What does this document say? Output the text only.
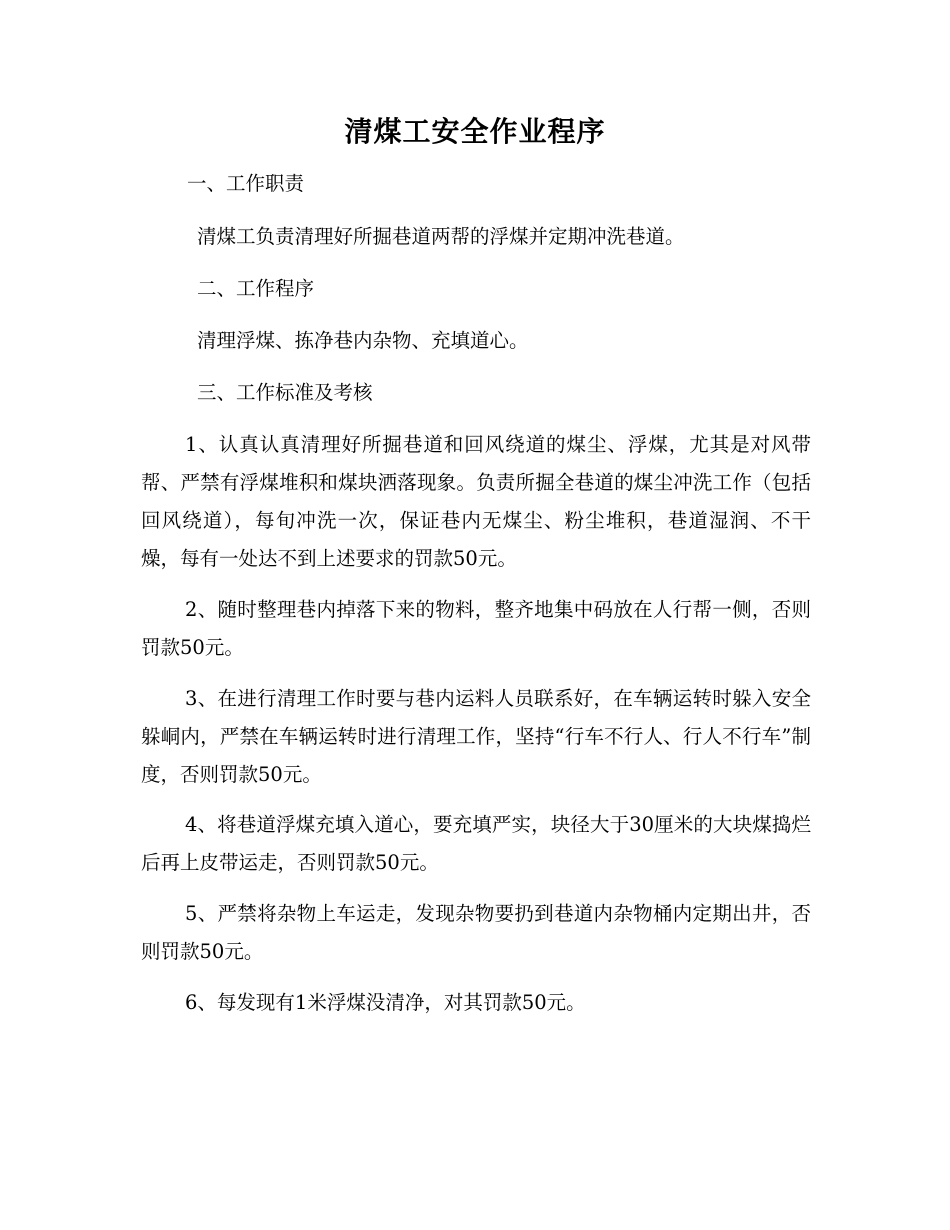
清煤工安全作业程序

一、工作职责

清煤工负责清理好所掘巷道两帮的浮煤并定期冲洗巷道。

二、工作程序

清理浮煤、拣净巷内杂物、充填道心。

三、工作标准及考核

1、认真认真清理好所掘巷道和回风绕道的煤尘、浮煤，尤其是对风带帮、严禁有浮煤堆积和煤块洒落现象。负责所掘全巷道的煤尘冲洗工作（包括回风绕道），每旬冲洗一次，保证巷内无煤尘、粉尘堆积，巷道湿润、不干燥，每有一处达不到上述要求的罚款50元。

2、随时整理巷内掉落下来的物料，整齐地集中码放在人行帮一侧，否则罚款50元。

3、在进行清理工作时要与巷内运料人员联系好，在车辆运转时躲入安全躲峒内，严禁在车辆运转时进行清理工作，坚持“行车不行人、行人不行车”制度，否则罚款50元。

4、将巷道浮煤充填入道心，要充填严实，块径大于30厘米的大块煤捣烂后再上皮带运走，否则罚款50元。

5、严禁将杂物上车运走，发现杂物要扔到巷道内杂物桶内定期出井，否则罚款50元。

6、每发现有1米浮煤没清净，对其罚款50元。
